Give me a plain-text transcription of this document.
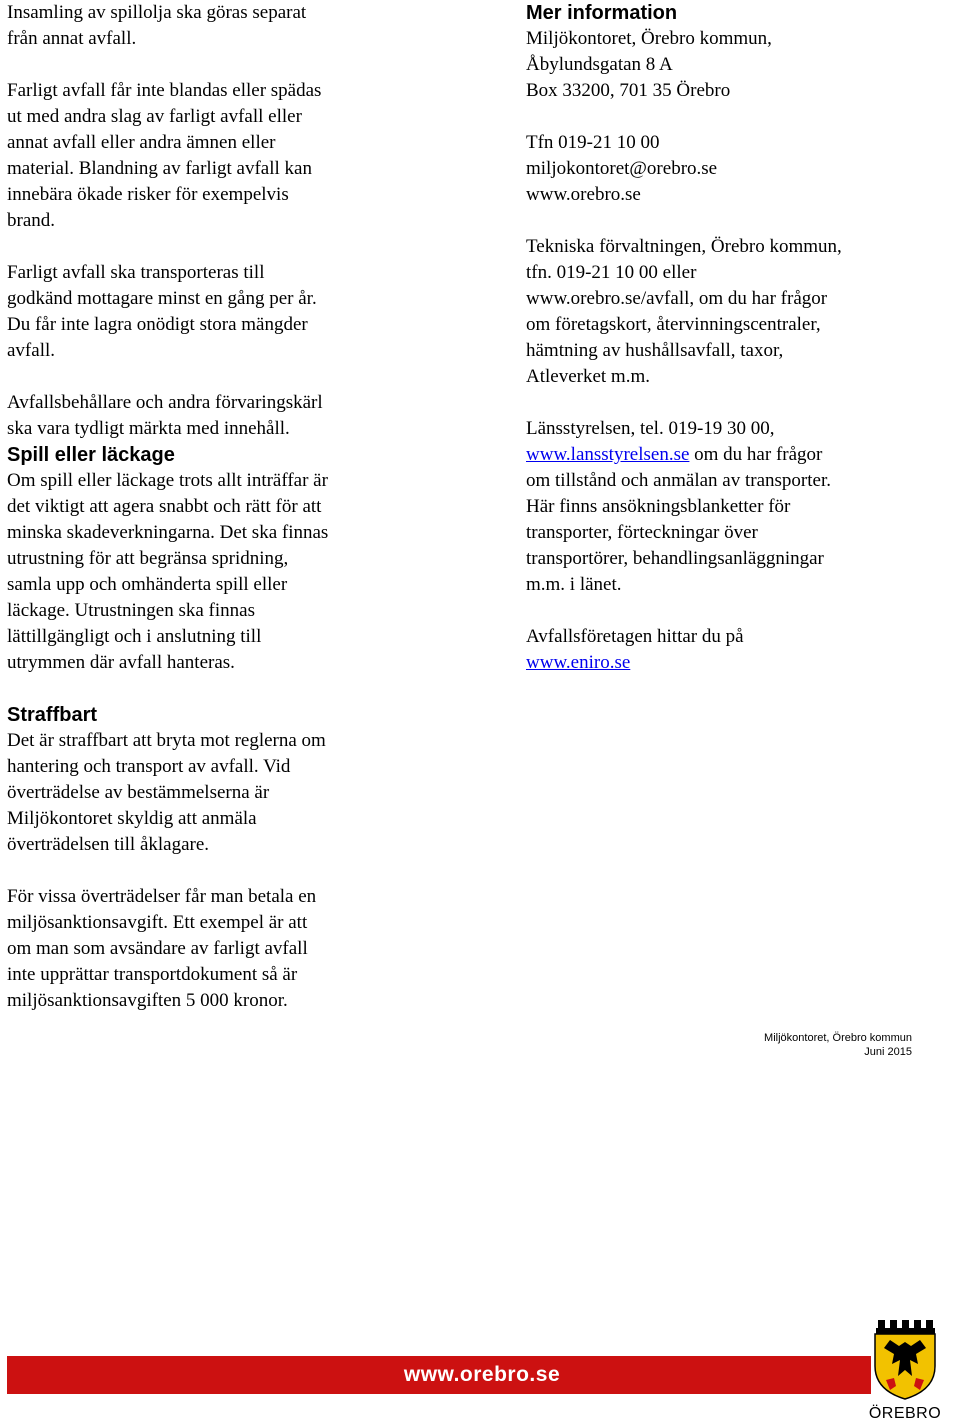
Insamling av spillolja ska göras separat

från annat avfall.

Farligt avfall får inte blandas eller spädas

ut med andra slag av farligt avfall eller

annat avfall eller andra ämnen eller

material. Blandning av farligt avfall kan

innebära ökade risker för exempelvis

brand.

Farligt avfall ska transporteras till

godkänd mottagare minst en gång per år.

Du får inte lagra onödigt stora mängder

avfall.

Avfallsbehållare och andra förvaringskärl

ska vara tydligt märkta med innehåll.

Spill eller läckage

Om spill eller läckage trots allt inträffar är

det viktigt att agera snabbt och rätt för att

minska skadeverkningarna. Det ska finnas

utrustning för att begränsa spridning,

samla upp och omhänderta spill eller

läckage. Utrustningen ska finnas

lättillgängligt och i anslutning till

utrymmen där avfall hanteras.

Straffbart

Det är straffbart att bryta mot reglerna om

hantering och transport av avfall. Vid

överträdelse av bestämmelserna är

Miljökontoret skyldig att anmäla

överträdelsen till åklagare.

För vissa överträdelser får man betala en

miljösanktionsavgift. Ett exempel är att

om man som avsändare av farligt avfall

inte upprättar transportdokument så är

miljösanktionsavgiften 5 000 kronor.

Mer information

Miljökontoret, Örebro kommun,

Åbylundsgatan 8 A

Box 33200, 701 35 Örebro

Tfn 019-21 10 00

miljokontoret@orebro.se

www.orebro.se

Tekniska förvaltningen, Örebro kommun,

tfn. 019-21 10 00 eller

www.orebro.se/avfall, om du har frågor

om företagskort, återvinningscentraler,

hämtning av hushållsavfall, taxor,

Atleverket m.m.

Länsstyrelsen, tel. 019-19 30 00,

www.lansstyrelsen.se om du har frågor

om tillstånd och anmälan av transporter.

Här finns ansökningsblanketter för

transporter, förteckningar över

transportörer, behandlingsanläggningar

m.m. i länet.

Avfallsföretagen hittar du på

www.eniro.se

Miljökontoret, Örebro kommun
Juni 2015
www.orebro.se
ÖREBRO
